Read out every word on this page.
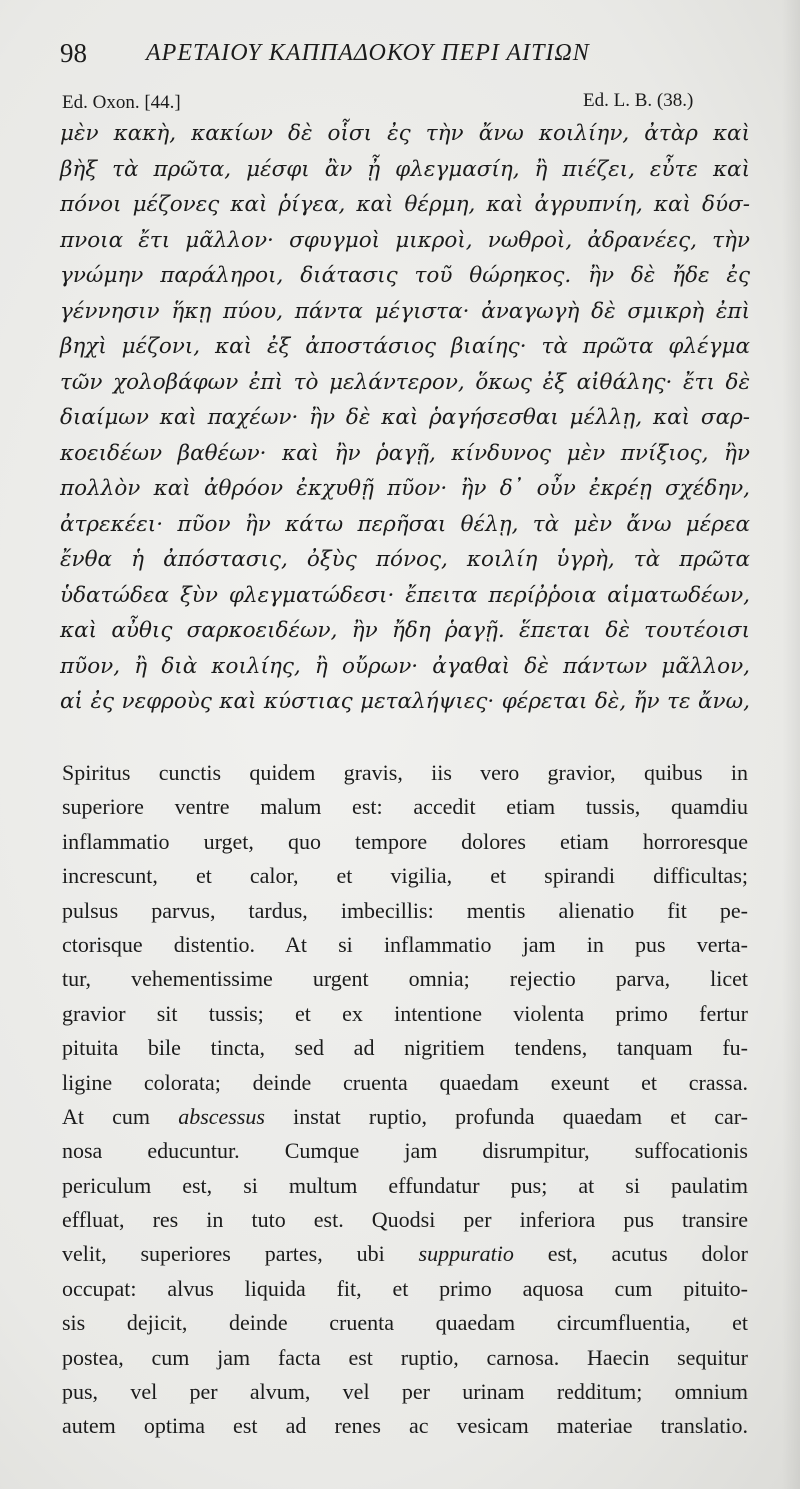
98 ΑΡΕΤΑΙΟΥ ΚΑΠΠΑΔΟΚΟΥ ΠΕΡΙ ΑΙΤΙΩΝ
Ed. Oxon. [44.]	Ed. L. B. (38.)
μὲν κακὴ, κακίων δὲ οἷσι ἐς τὴν ἄνω κοιλίην, ἀτὰρ καὶ
βὴξ τὰ πρῶτα, μέσφι ἂν ᾖ φλεγμασίη, ἢ πιέζει, εὖτε καὶ
πόνοι μέζονες καὶ ῥίγεα, καὶ θέρμη, καὶ ἀγρυπνίη, καὶ δύσ-
πνοια ἔτι μᾶλλον· σφυγμοὶ μικροὶ, νωθροὶ, ἀδρανέες, τὴν
γνώμην παράληροι, διάτασις τοῦ θώρηκος. ἢν δὲ ἤδε ἐς
γέννησιν ἥκῃ πύου, πάντα μέγιστα· ἀναγωγὴ δὲ σμικρὴ ἐπὶ
βηχὶ μέζονι, καὶ ἐξ ἀποστάσιος βιαίης· τὰ πρῶτα φλέγμα
τῶν χολοβάφων ἐπὶ τὸ μελάντερον, ὅκως ἐξ αἰθάλης· ἔτι δὲ
διαίμων καὶ παχέων· ἢν δὲ καὶ ῥαγήσεσθαι μέλλῃ, καὶ σαρ-
κοειδέων βαθέων· καὶ ἢν ῥαγῇ, κίνδυνος μὲν πνίξιος, ἢν
πολλὸν καὶ ἀθρόον ἐκχυθῇ πῦον· ἢν δ᾽ οὖν ἐκρέῃ σχέδην,
ἀτρεκέει· πῦον ἢν κάτω περῆσαι θέλῃ, τὰ μὲν ἄνω μέρεα
ἔνθα ἡ ἀπόστασις, ὀξὺς πόνος, κοιλίη ὑγρὴ, τὰ πρῶτα
ὑδατώδεα ξὺν φλεγματώδεσι· ἔπειτα περίῤῥοια αἱματωδέων,
καὶ αὖθις σαρκοειδέων, ἢν ἤδη ῥαγῇ. ἕπεται δὲ τουτέοισι
πῦον, ἢ διὰ κοιλίης, ἢ οὔρων· ἀγαθαὶ δὲ πάντων μᾶλλον,
αἱ ἐς νεφροὺς καὶ κύστιας μεταλήψιες· φέρεται δὲ, ἤν τε ἄνω,
Spiritus cunctis quidem gravis, iis vero gravior, quibus in
superiore ventre malum est: accedit etiam tussis, quamdiu
inflammatio urget, quo tempore dolores etiam horroresque
increscunt, et calor, et vigilia, et spirandi difficultas;
pulsus parvus, tardus, imbecillis: mentis alienatio fit pe-
ctorisque distentio. At si inflammatio jam in pus verta-
tur, vehementissime urgent omnia; rejectio parva, licet
gravior sit tussis; et ex intentione violenta primo fertur
pituita bile tincta, sed ad nigritiem tendens, tanquam fu-
ligine colorata; deinde cruenta quaedam exeunt et crassa.
At cum abscessus instat ruptio, profunda quaedam et car-
nosa educuntur. Cumque jam disrumpitur, suffocationis
periculum est, si multum effundatur pus; at si paulatim
effluat, res in tuto est. Quodsi per inferiora pus transire
velit, superiores partes, ubi suppuratio est, acutus dolor
occupat: alvus liquida fit, et primo aquosa cum pituito-
sis dejicit, deinde cruenta quaedam circumfluentia, et
postea, cum jam facta est ruptio, carnosa. Haecin sequitur
pus, vel per alvum, vel per urinam redditum; omnium
autem optima est ad renes ac vesicam materiae translatio.
